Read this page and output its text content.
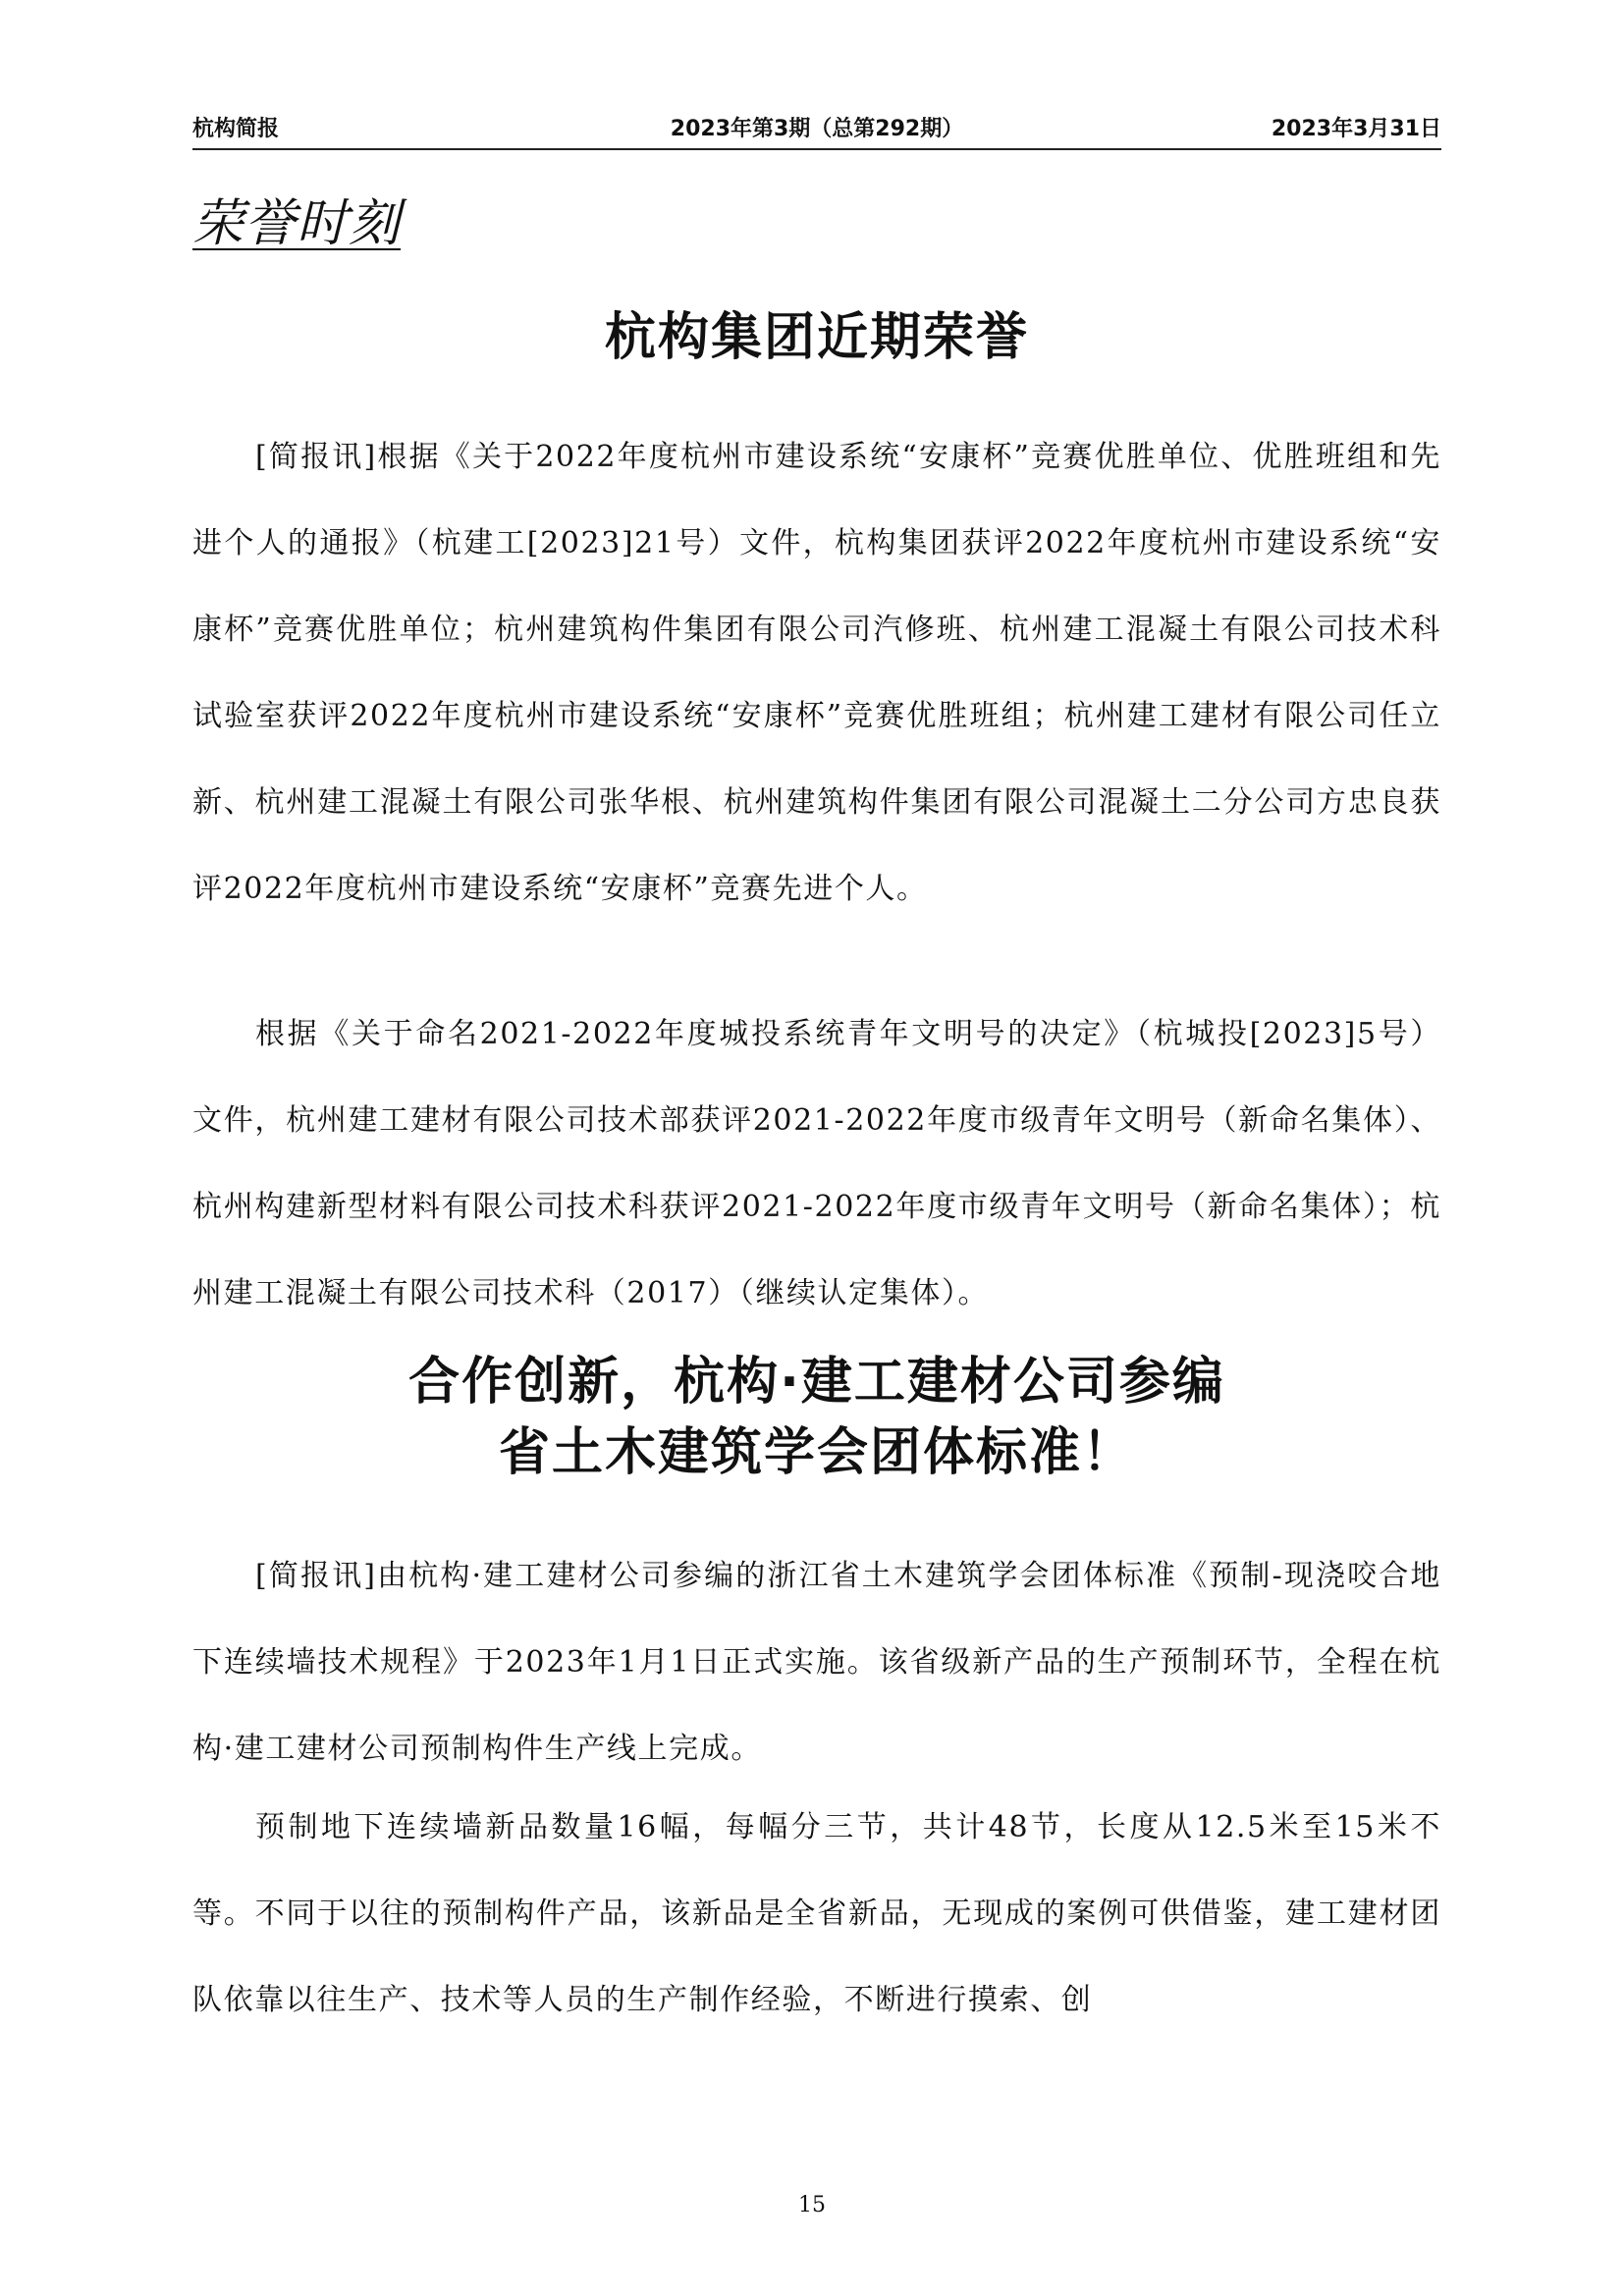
杭构简报	2023年第3期（总第292期）	2023年3月31日
荣誉时刻
杭构集团近期荣誉

[简报讯]根据《关于2022年度杭州市建设系统“安康杯”竞赛优胜单位、优胜班组和先进个人的通报》（杭建工[2023]21号）文件，杭构集团获评2022年度杭州市建设系统“安康杯”竞赛优胜单位；杭州建筑构件集团有限公司汽修班、杭州建工混凝土有限公司技术科试验室获评2022年度杭州市建设系统“安康杯”竞赛优胜班组；杭州建工建材有限公司任立新、杭州建工混凝土有限公司张华根、杭州建筑构件集团有限公司混凝土二分公司方忠良获评2022年度杭州市建设系统“安康杯”竞赛先进个人。

根据《关于命名2021-2022年度城投系统青年文明号的决定》（杭城投[2023]5号）文件，杭州建工建材有限公司技术部获评2021-2022年度市级青年文明号（新命名集体）、杭州构建新型材料有限公司技术科获评2021-2022年度市级青年文明号（新命名集体）；杭州建工混凝土有限公司技术科（2017）（继续认定集体）。

合作创新，杭构·建工建材公司参编
省土木建筑学会团体标准！

[简报讯]由杭构·建工建材公司参编的浙江省土木建筑学会团体标准《预制-现浇咬合地下连续墙技术规程》于2023年1月1日正式实施。该省级新产品的生产预制环节，全程在杭构·建工建材公司预制构件生产线上完成。

预制地下连续墙新品数量16幅，每幅分三节，共计48节，长度从12.5米至15米不等。不同于以往的预制构件产品，该新品是全省新品，无现成的案例可供借鉴，建工建材团队依靠以往生产、技术等人员的生产制作经验，不断进行摸索、创

15
